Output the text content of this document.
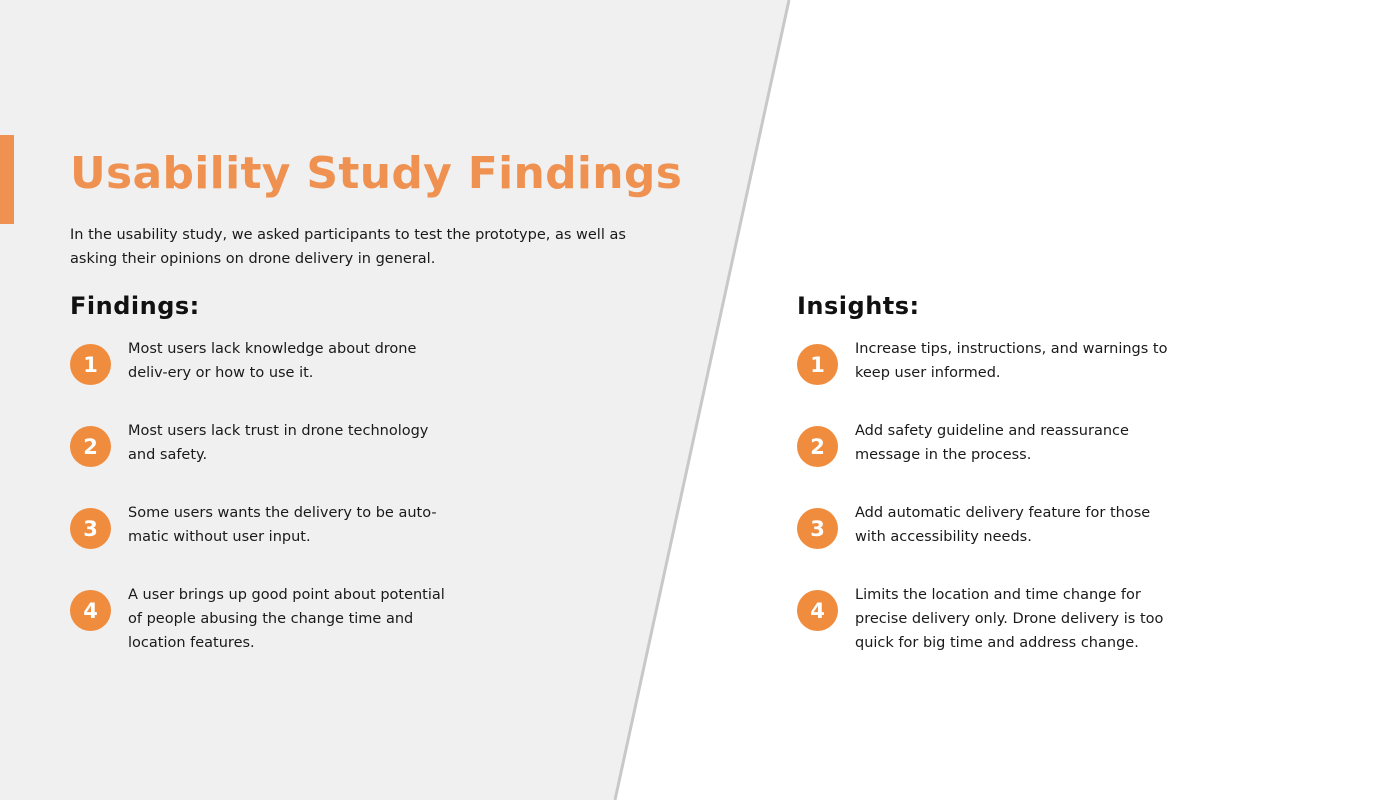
Usability Study Findings

In the usability study, we asked participants to test the prototype, as well as asking their opinions on drone delivery in general.

Findings:	Insights:
1

Most users lack knowledge about drone deliv-ery or how to use it.

2

Most users lack trust in drone technology and safety.

3

Some users wants the delivery to be auto-matic without user input.

4

A user brings up good point about potential of people abusing the change time and location features.

1

Increase tips, instructions, and warnings to keep user informed.

2

Add safety guideline and reassurance message in the process.

3

Add automatic delivery feature for those with accessibility needs.

4

Limits the location and time change for precise delivery only. Drone delivery is too quick for big time and address change.
